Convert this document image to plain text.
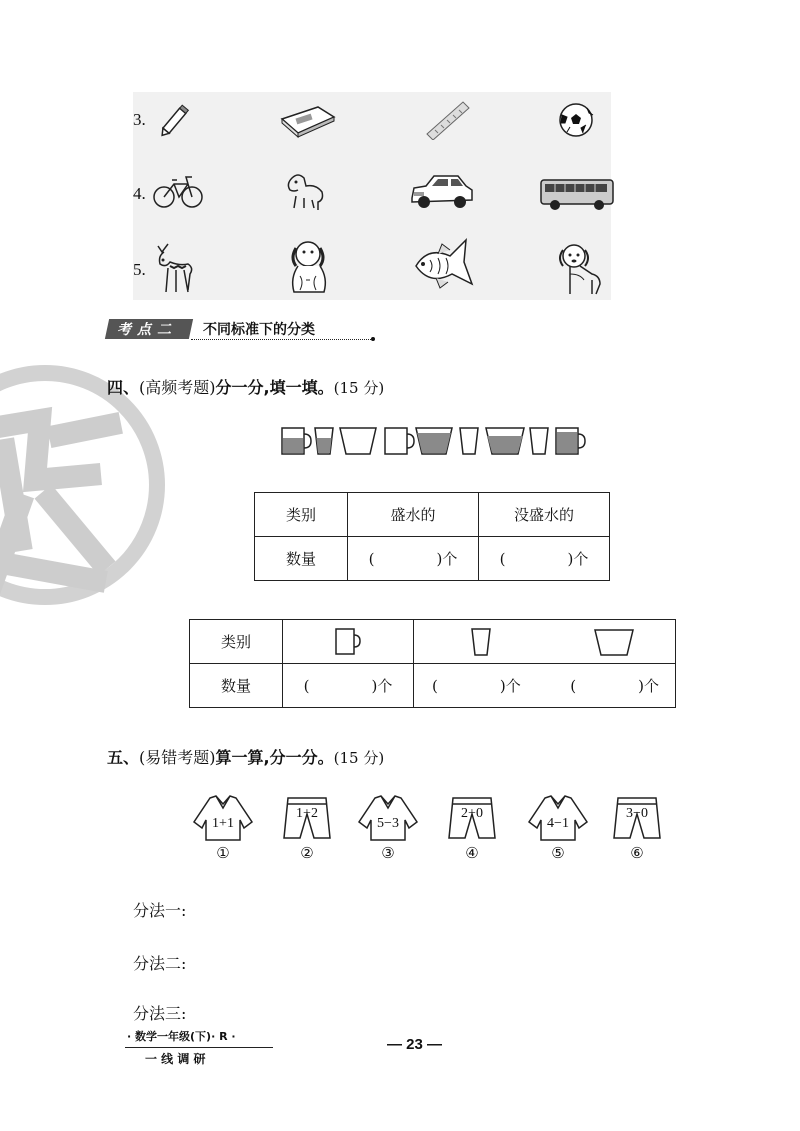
3.
4.
5.
考点二 不同标准下的分类
四、(高频考题)分一分,填一填。(15 分)
类别	盛水的	没盛水的
数量	( )个	( )个
类别		
数量	( )个	( )个 ( )个
五、(易错考题)算一算,分一分。(15 分)
1+1
①
1+2
②
5−3
③
2+0
④
4−1
⑤
3−0
⑥
分法一:
分法二:
分法三:
· 数学一年级(下)· R ·
一 线 调 研
— 23 —
